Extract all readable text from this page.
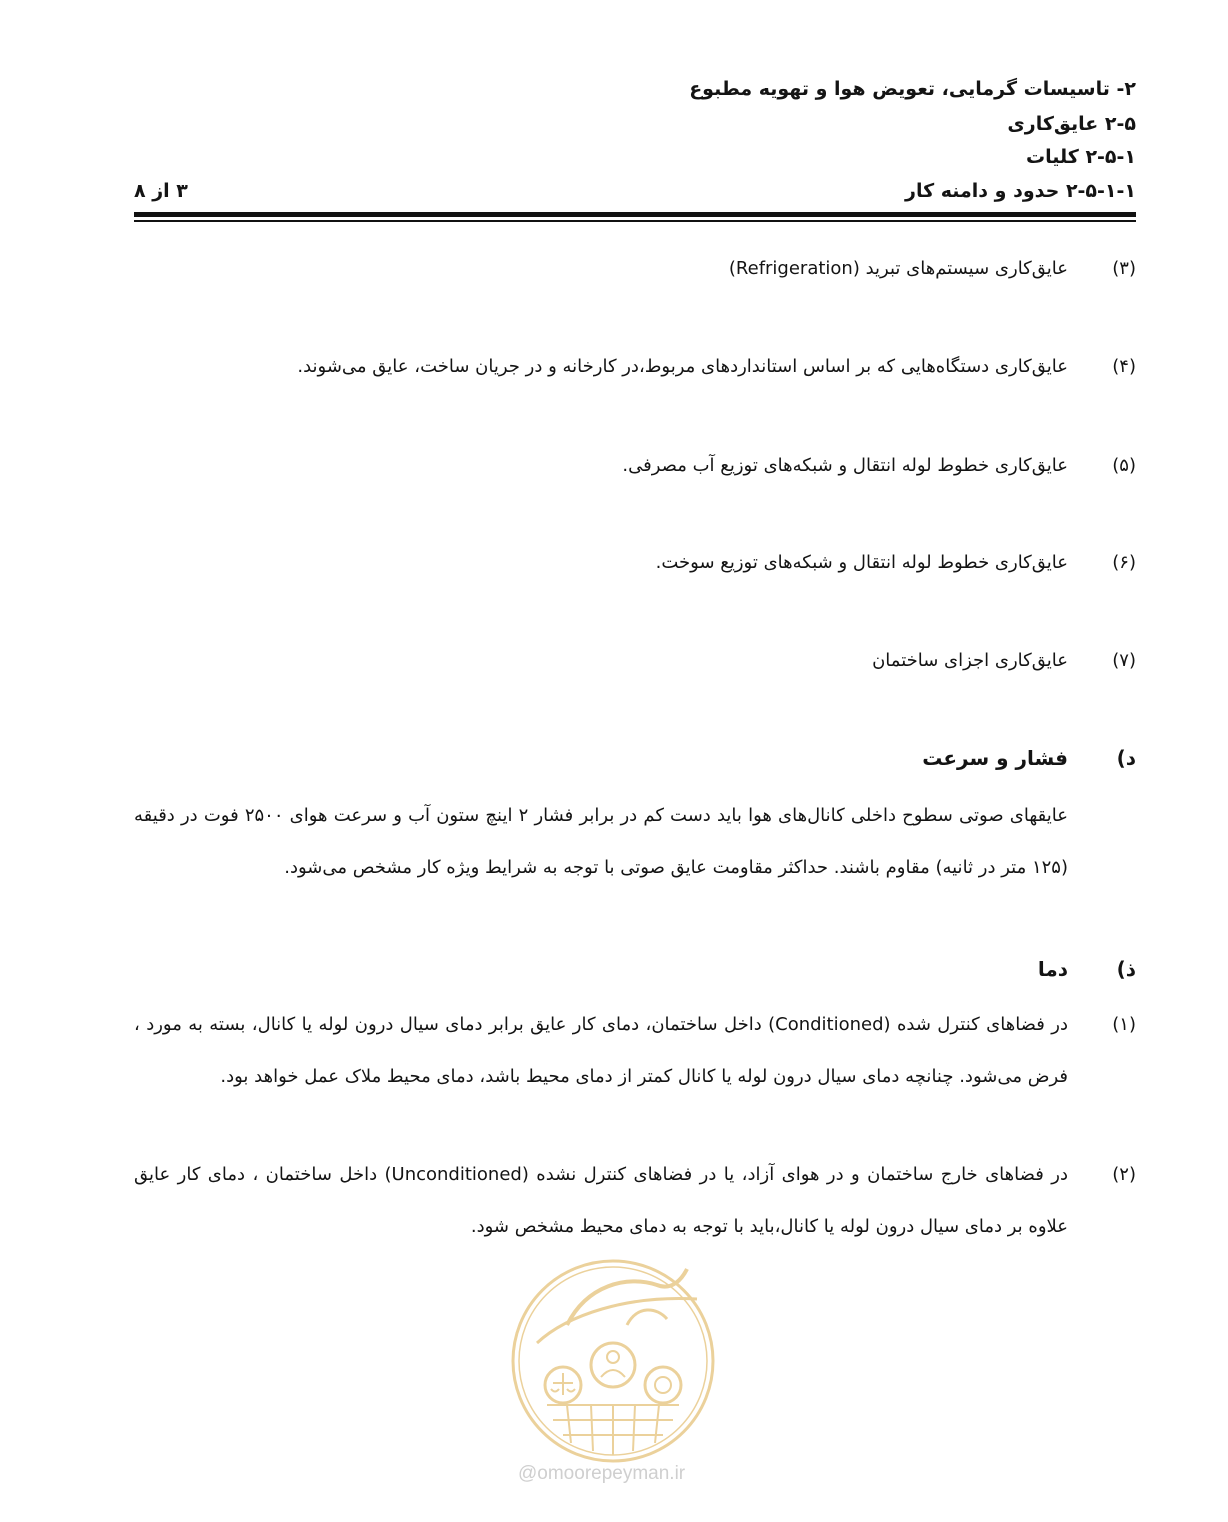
۲- تاسیسات گرمایی، تعویض هوا و تهویه مطبوع
۲-۵ عایق‌کاری
۲-۵-۱ کلیات
۲-۵-۱-۱ حدود و دامنه کار
۳ از ۸
(۳)
عایق‌کاری سیستم‌های تبرید (Refrigeration)
(۴)
عایق‌کاری دستگاه‌هایی که بر اساس استانداردهای مربوط،در کارخانه و در جریان ساخت، عایق می‌شوند.
(۵)
عایق‌کاری خطوط لوله انتقال و شبکه‌های توزیع آب مصرفی.
(۶)
عایق‌کاری خطوط لوله انتقال و شبکه‌های توزیع سوخت.
(۷)
عایق‌کاری اجزای ساختمان
د)
فشار و سرعت
عایقهای صوتی سطوح داخلی کانال‌های هوا باید دست کم در برابر فشار ۲ اینچ ستون آب و سرعت هوای ۲۵۰۰ فوت در دقیقه
(۱۲۵ متر در ثانیه) مقاوم باشند. حداکثر مقاومت عایق صوتی با توجه به شرایط ویژه کار مشخص می‌شود.
ذ)
دما
(۱)
در فضاهای کنترل شده (Conditioned) داخل ساختمان، دمای کار عایق برابر دمای سیال درون لوله یا کانال، بسته به مورد ،
فرض می‌شود. چنانچه دمای سیال درون لوله یا کانال کمتر از دمای محیط باشد، دمای محیط ملاک عمل خواهد بود.
(۲)
در فضاهای خارج ساختمان و در هوای آزاد، یا در فضاهای کنترل نشده (Unconditioned) داخل ساختمان ، دمای کار عایق
علاوه بر دمای سیال درون لوله یا کانال،باید با توجه به دمای محیط مشخص شود.
@omoorepeyman.ir
